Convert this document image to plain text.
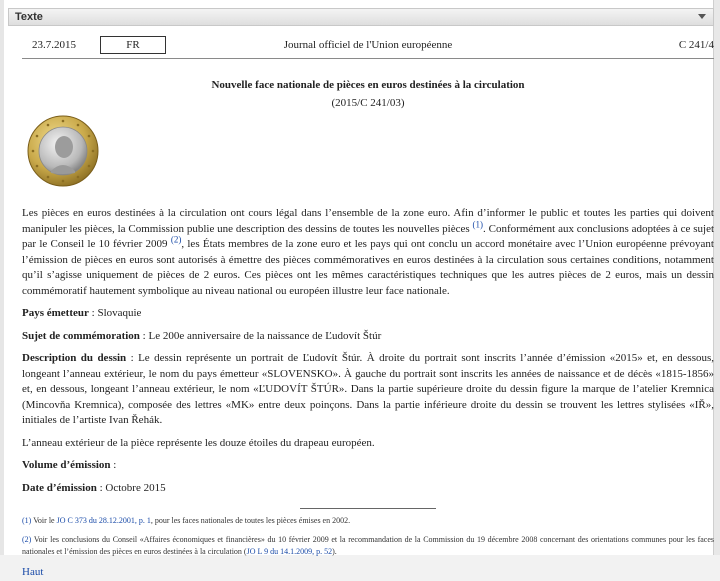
Texte
23.7.2015	FR	Journal officiel de l'Union européenne	C 241/4
Nouvelle face nationale de pièces en euros destinées à la circulation
(2015/C 241/03)

Les pièces en euros destinées à la circulation ont cours légal dans l’ensemble de la zone euro. Afin d’informer le public et toutes les parties qui doivent manipuler les pièces, la Commission publie une description des dessins de toutes les nouvelles pièces $^{(1)}$. Conformément aux conclusions adoptées à ce sujet par le Conseil le 10 février 2009 $^{(2)}$, les États membres de la zone euro et les pays qui ont conclu un accord monétaire avec l’Union européenne prévoyant l’émission de pièces en euros sont autorisés à émettre des pièces commémoratives en euros destinées à la circulation sous certaines conditions, notamment qu’il s’agisse uniquement de pièces de 2 euros. Ces pièces ont les mêmes caractéristiques techniques que les autres pièces de 2 euros, mais un dessin commémoratif hautement symbolique au niveau national ou européen illustre leur face nationale.

Pays émetteur : Slovaquie

Sujet de commémoration : Le 200e anniversaire de la naissance de Ľudovít Štúr

Description du dessin : Le dessin représente un portrait de Ľudovít Štúr. À droite du portrait sont inscrits l’année d’émission «2015» et, en dessous, longeant l’anneau extérieur, le nom du pays émetteur «SLOVENSKO». À gauche du portrait sont inscrits les années de naissance et de décès «1815-1856» et, en dessous, longeant l’anneau extérieur, le nom «ĽUDOVÍT ŠTÚR». Dans la partie supérieure droite du dessin figure la marque de l’atelier Kremnica (Mincovňa Kremnica), composée des lettres «MK» entre deux poinçons. Dans la partie inférieure droite du dessin se trouvent les lettres stylisées «IŘ», initiales de l’artiste Ivan Řehák.

L’anneau extérieur de la pièce représente les douze étoiles du drapeau européen.

Volume d’émission :

Date d’émission : Octobre 2015

(1) Voir le JO C 373 du 28.12.2001, p. 1, pour les faces nationales de toutes les pièces émises en 2002.

(2) Voir les conclusions du Conseil «Affaires économiques et financières» du 10 février 2009 et la recommandation de la Commission du 19 décembre 2008 concernant des orientations communes pour les faces nationales et l’émission des pièces en euros destinées à la circulation (JO L 9 du 14.1.2009, p. 52).

Haut
